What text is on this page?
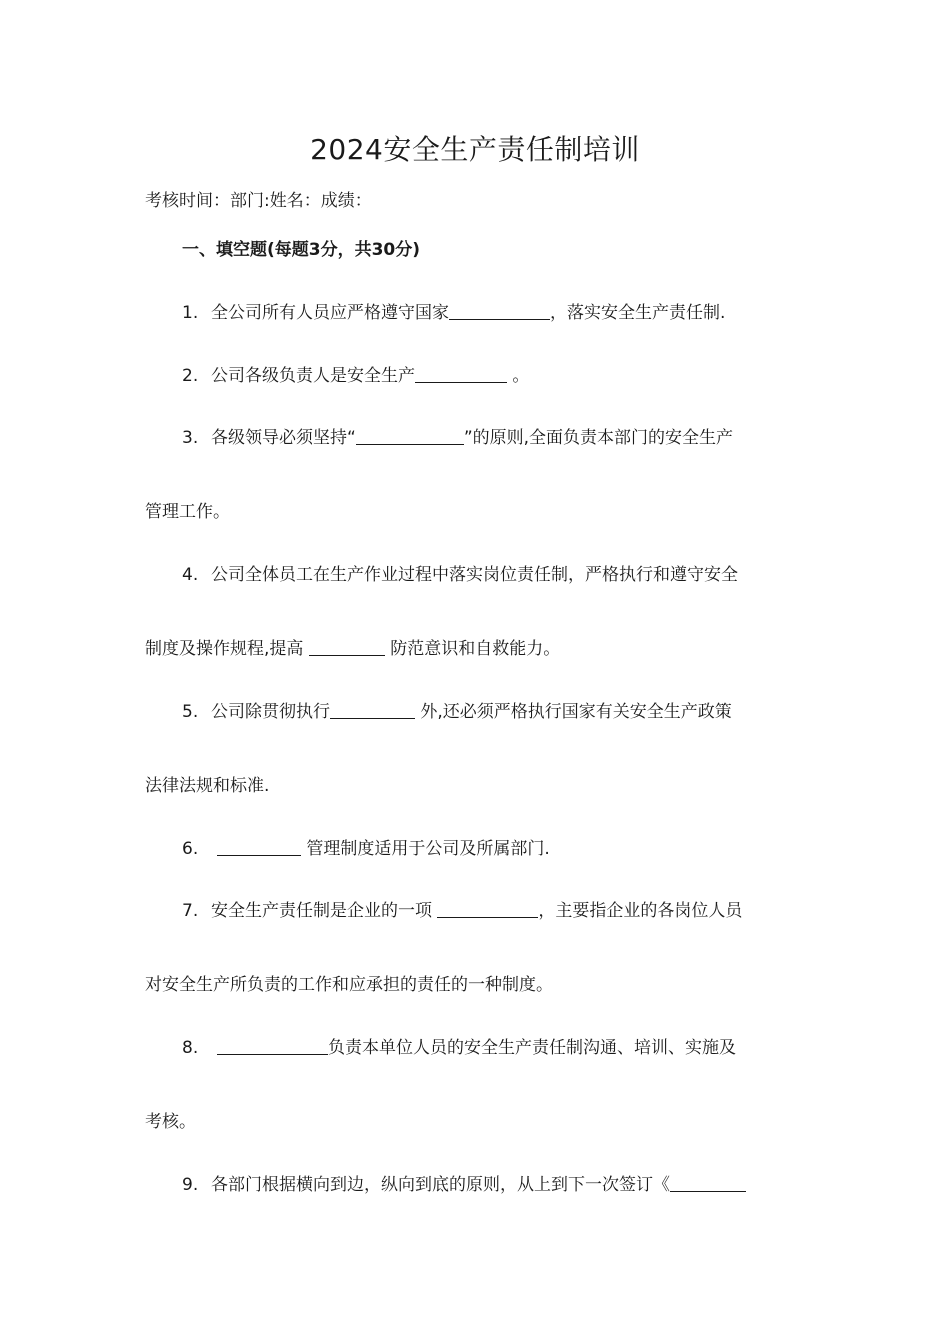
2024安全生产责任制培训
考核时间：部门:姓名：成绩：
一、填空题(每题3分，共30分)
1. 全公司所有人员应严格遵守国家	，落实安全生产责任制.
2. 公司各级负责人是安全生产	。
3. 各级领导必须坚持“	”的原则,全面负责本部门的安全生产
管理工作。
4. 公司全体员工在生产作业过程中落实岗位责任制，严格执行和遵守安全
制度及操作规程,提高	防范意识和自救能力。
5. 公司除贯彻执行	外,还必须严格执行国家有关安全生产政策
法律法规和标准.
6.	管理制度适用于公司及所属部门.
7. 安全生产责任制是企业的一项	，主要指企业的各岗位人员
对安全生产所负责的工作和应承担的责任的一种制度。
8.	负责本单位人员的安全生产责任制沟通、培训、实施及
考核。
9. 各部门根据横向到边，纵向到底的原则，从上到下一次签订《
